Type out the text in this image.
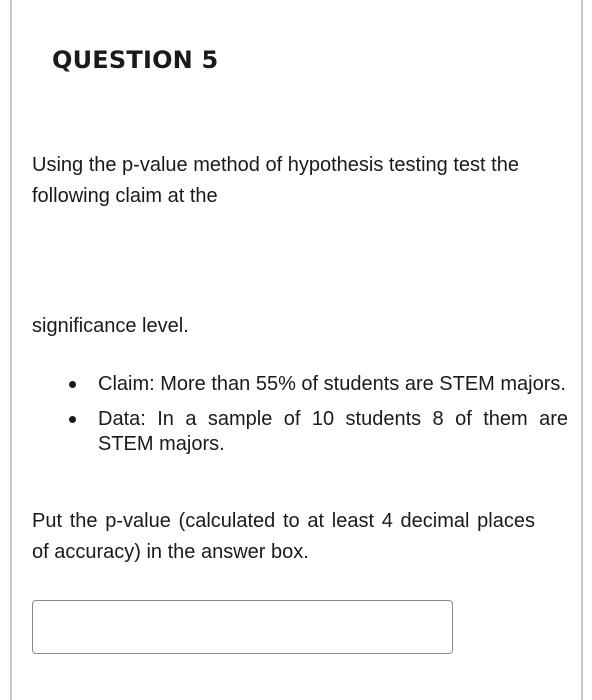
QUESTION 5

Using the p-value method of hypothesis testing test the following claim at the

significance level.

Claim: More than 55% of students are STEM majors.
Data: In a sample of 10 students 8 of them are STEM majors.

Put the p-value (calculated to at least 4 decimal places of accuracy) in the answer box.
